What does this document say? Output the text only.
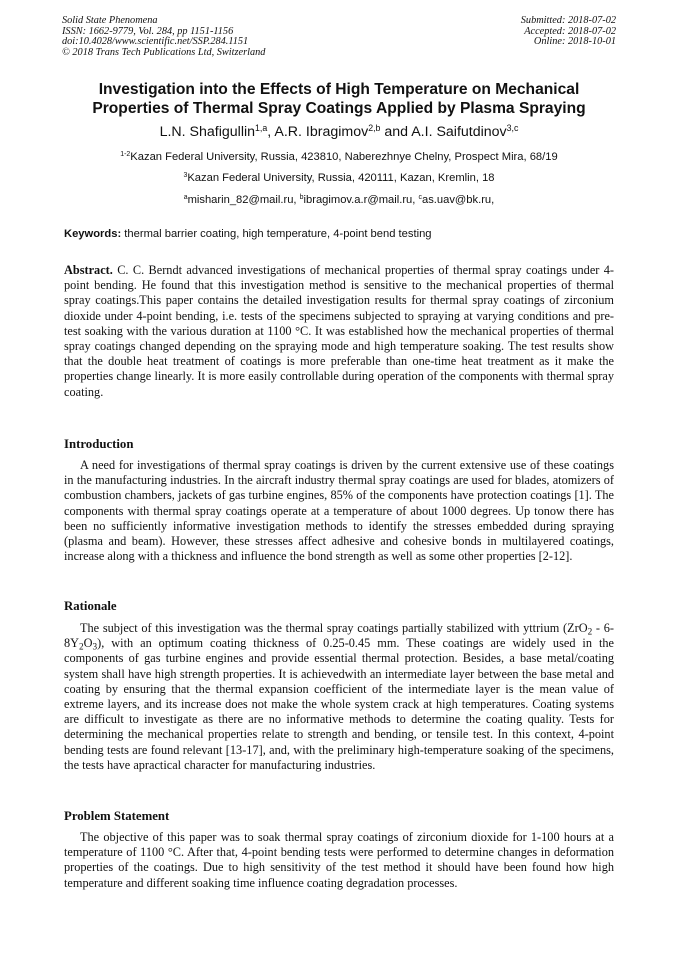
Solid State Phenomena
ISSN: 1662-9779, Vol. 284, pp 1151-1156
doi:10.4028/www.scientific.net/SSP.284.1151
© 2018 Trans Tech Publications Ltd, Switzerland
Submitted: 2018-07-02
Accepted: 2018-07-02
Online: 2018-10-01
Investigation into the Effects of High Temperature on Mechanical
Properties of Thermal Spray Coatings Applied by Plasma Spraying
L.N. Shafigullin$^{1,a}$, A.R. Ibragimov$^{2,b}$ and A.I. Saifutdinov$^{3,c}$
$^{1-2}$Kazan Federal University, Russia, 423810, Naberezhnye Chelny, Prospect Mira, 68/19
$^3$Kazan Federal University, Russia, 420111, Kazan, Kremlin, 18
$^a$misharin_82@mail.ru, $^b$ibragimov.a.r@mail.ru, $^c$as.uav@bk.ru,
Keywords: thermal barrier coating, high temperature, 4-point bend testing
Abstract. C. C. Berndt advanced investigations of mechanical properties of thermal spray coatings under 4-point bending. He found that this investigation method is sensitive to the mechanical properties of thermal spray coatings.This paper contains the detailed investigation results for thermal spray coatings of zirconium dioxide under 4-point bending, i.e. tests of the specimens subjected to spraying at varying conditions and pre-test soaking with the various duration at 1100 °C. It was established how the mechanical properties of thermal spray coatings changed depending on the spraying mode and high temperature soaking. The test results show that the double heat treatment of coatings is more preferable than one-time heat treatment as it make the properties change linearly. It is more easily controllable during operation of the components with thermal spray coating.
Introduction
A need for investigations of thermal spray coatings is driven by the current extensive use of these coatings in the manufacturing industries. In the aircraft industry thermal spray coatings are used for blades, atomizers of combustion chambers, jackets of gas turbine engines, 85% of the components have protection coatings [1]. The components with thermal spray coatings operate at a temperature of about 1000 degrees. Up tonow there has been no sufficiently informative investigation methods to identify the stresses embedded during spraying (plasma and beam). However, these stresses affect adhesive and cohesive bonds in multilayered coatings, increase along with a thickness and influence the bond strength as well as some other properties [2-12].
Rationale
The subject of this investigation was the thermal spray coatings partially stabilized with yttrium $(ZrO_2 - 6-8Y_2O_3)$, with an optimum coating thickness of 0.25-0.45 mm. These coatings are widely used in the components of gas turbine engines and provide essential thermal protection. Besides, a base metal/coating system shall have high strength properties. It is achievedwith an intermediate layer between the base metal and coating by ensuring that the thermal expansion coefficient of the intermediate layer is the mean value of extreme layers, and its increase does not make the whole system crack at high temperatures. Coating systems are difficult to investigate as there are no informative methods to determine the coating quality. Tests for determining the mechanical properties relate to strength and bending, or tensile test. In this context, 4-point bending tests are found relevant [13-17], and, with the preliminary high-temperature soaking of the specimens, the tests have apractical character for manufacturing industries.
Problem Statement
The objective of this paper was to soak thermal spray coatings of zirconium dioxide for 1-100 hours at a temperature of 1100 °C. After that, 4-point bending tests were performed to determine changes in deformation properties of the coatings. Due to high sensitivity of the test method it should have been found how high temperature and different soaking time influence coating degradation processes.
